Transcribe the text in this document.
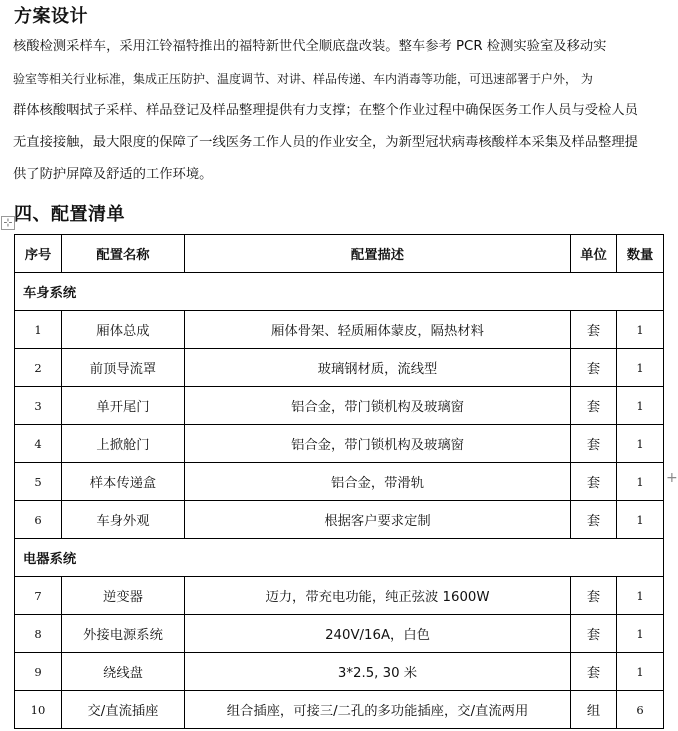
方案设计
核酸检测采样车，采用江铃福特推出的福特新世代全顺底盘改装。整车参考 PCR 检测实验室及移动实
验室等相关行业标准，集成正压防护、温度调节、对讲、样品传递、车内消毒等功能，可迅速部署于户外， 为
群体核酸咽拭子采样、样品登记及样品整理提供有力支撑；在整个作业过程中确保医务工作人员与受检人员
无直接接触，最大限度的保障了一线医务工作人员的作业安全，为新型冠状病毒核酸样本采集及样品整理提
供了防护屏障及舒适的工作环境。
⊹ 四、配置清单
序号	配置名称	配置描述	单位	数量
车身系统				
1	厢体总成	厢体骨架、轻质厢体蒙皮，隔热材料	套	1
2	前顶导流罩	玻璃钢材质，流线型	套	1
3	单开尾门	铝合金，带门锁机构及玻璃窗	套	1
4	上掀舱门	铝合金，带门锁机构及玻璃窗	套	1
5	样本传递盒	铝合金，带滑轨	套	1
6	车身外观	根据客户要求定制	套	1
电器系统				
7	逆变器	迈力，带充电功能，纯正弦波 1600W	套	1
8	外接电源系统	240V/16A，白色	套	1
9	绕线盘	3*2.5, 30 米	套	1
10	交/直流插座	组合插座，可接三/二孔的多功能插座，交/直流两用	组	6
+
